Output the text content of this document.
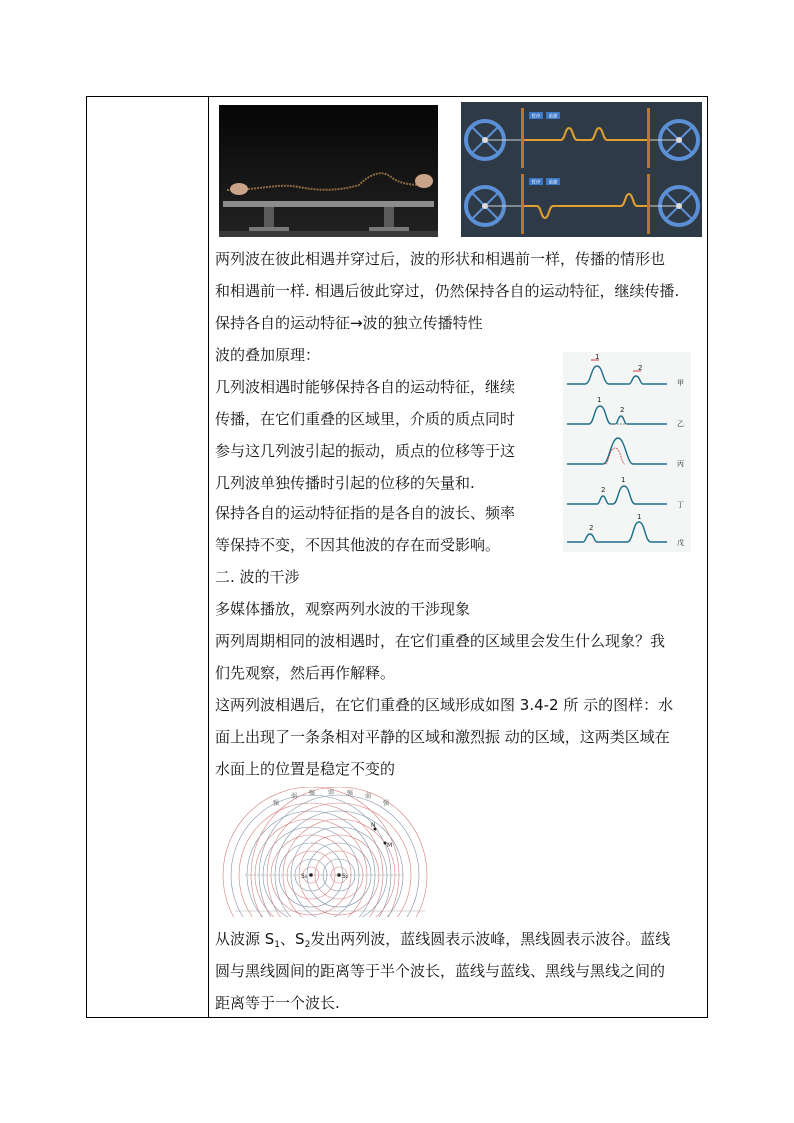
暂停 重播
暂停 重播
两列波在彼此相遇并穿过后，波的形状和相遇前一样，传播的情形也
和相遇前一样. 相遇后彼此穿过，仍然保持各自的运动特征，继续传播.
保持各自的运动特征→波的独立传播特性
波的叠加原理：
几列波相遇时能够保持各自的运动特征，继续
传播，在它们重叠的区域里，介质的质点同时
参与这几列波引起的振动，质点的位移等于这
几列波单独传播时引起的位移的矢量和.
保持各自的运动特征指的是各自的波长、频率
等保持不变，不因其他波的存在而受影响。
二. 波的干涉
多媒体播放，观察两列水波的干涉现象
两列周期相同的波相遇时，在它们重叠的区域里会发生什么现象？我
们先观察，然后再作解释。
这两列波相遇后，在它们重叠的区域形成如图 3.4-2 所 示的图样：水
面上出现了一条条相对平静的区域和激烈振 动的区域，这两类区域在
水面上的位置是稳定不变的
1
2
甲
1
2
乙
丙
2
1
丁
2
1
戊
S₁	S₂
N
M
强
弱 强 弱 强 弱
强
从波源 $S_1$、$S_2$发出两列波，蓝线圆表示波峰，黑线圆表示波谷。蓝线
圆与黑线圆间的距离等于半个波长，蓝线与蓝线、黑线与黑线之间的
距离等于一个波长.
